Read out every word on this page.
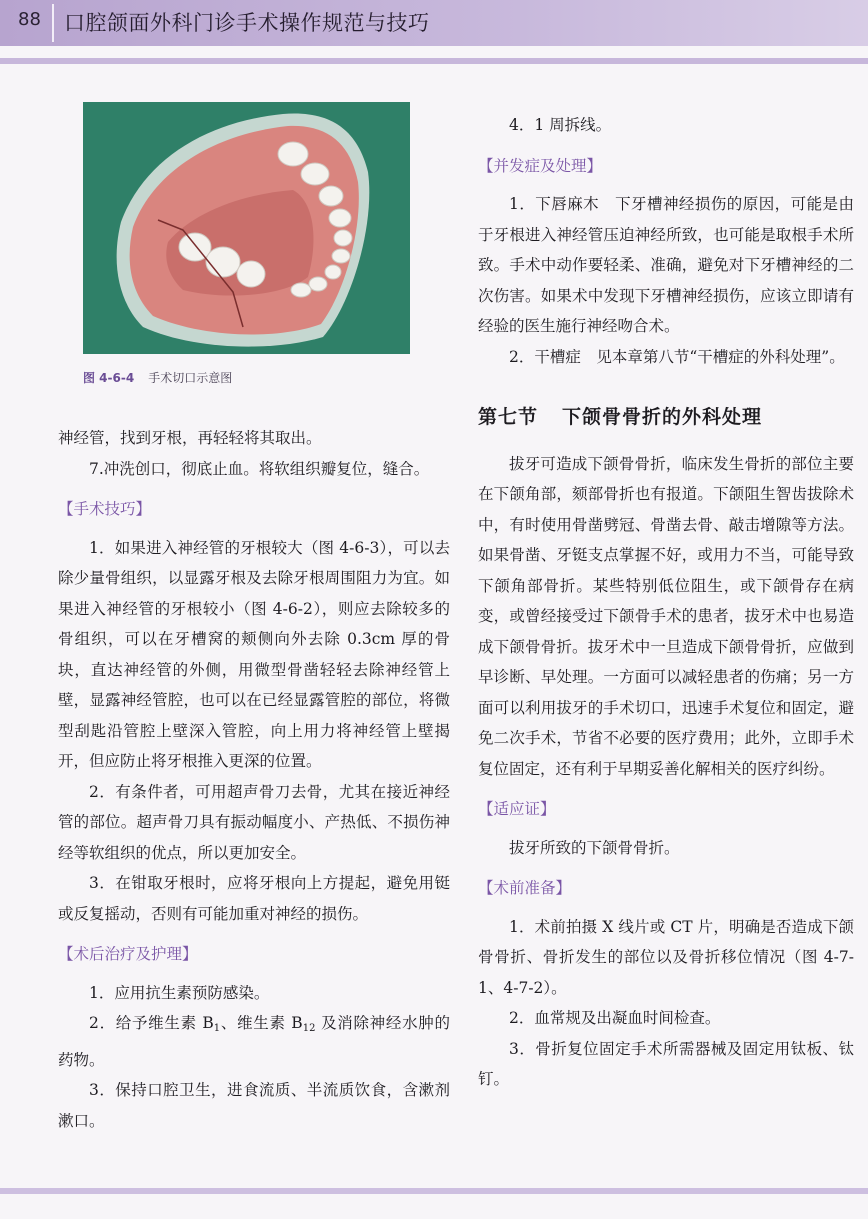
88 口腔颌面外科门诊手术操作规范与技巧
图 4-6-4 手术切口示意图

神经管，找到牙根，再轻轻将其取出。

7.冲洗创口，彻底止血。将软组织瓣复位，缝合。

【手术技巧】

1．如果进入神经管的牙根较大（图 4-6-3），可以去除少量骨组织，以显露牙根及去除牙根周围阻力为宜。如果进入神经管的牙根较小（图 4-6-2），则应去除较多的骨组织，可以在牙槽窝的颊侧向外去除 0.3cm 厚的骨块，直达神经管的外侧，用微型骨凿轻轻去除神经管上壁，显露神经管腔，也可以在已经显露管腔的部位，将微型刮匙沿管腔上壁深入管腔，向上用力将神经管上壁揭开，但应防止将牙根推入更深的位置。

2．有条件者，可用超声骨刀去骨，尤其在接近神经管的部位。超声骨刀具有振动幅度小、产热低、不损伤神经等软组织的优点，所以更加安全。

3．在钳取牙根时，应将牙根向上方提起，避免用铤或反复摇动，否则有可能加重对神经的损伤。

【术后治疗及护理】

1．应用抗生素预防感染。

2．给予维生素 $B_1$、维生素 $B_{12}$ 及消除神经水肿的药物。

3．保持口腔卫生，进食流质、半流质饮食，含漱剂漱口。

4．1 周拆线。

【并发症及处理】

1．下唇麻木　下牙槽神经损伤的原因，可能是由于牙根进入神经管压迫神经所致，也可能是取根手术所致。手术中动作要轻柔、准确，避免对下牙槽神经的二次伤害。如果术中发现下牙槽神经损伤，应该立即请有经验的医生施行神经吻合术。

2．干槽症　见本章第八节“干槽症的外科处理”。

第七节 下颌骨骨折的外科处理

拔牙可造成下颌骨骨折，临床发生骨折的部位主要在下颌角部，颏部骨折也有报道。下颌阻生智齿拔除术中，有时使用骨凿劈冠、骨凿去骨、敲击增隙等方法。如果骨凿、牙铤支点掌握不好，或用力不当，可能导致下颌角部骨折。某些特别低位阻生，或下颌骨存在病变，或曾经接受过下颌骨手术的患者，拔牙术中也易造成下颌骨骨折。拔牙术中一旦造成下颌骨骨折，应做到早诊断、早处理。一方面可以减轻患者的伤痛；另一方面可以利用拔牙的手术切口，迅速手术复位和固定，避免二次手术，节省不必要的医疗费用；此外，立即手术复位固定，还有利于早期妥善化解相关的医疗纠纷。

【适应证】

拔牙所致的下颌骨骨折。

【术前准备】

1．术前拍摄 X 线片或 CT 片，明确是否造成下颌骨骨折、骨折发生的部位以及骨折移位情况（图 4-7-1、4-7-2）。

2．血常规及出凝血时间检查。

3．骨折复位固定手术所需器械及固定用钛板、钛钉。
